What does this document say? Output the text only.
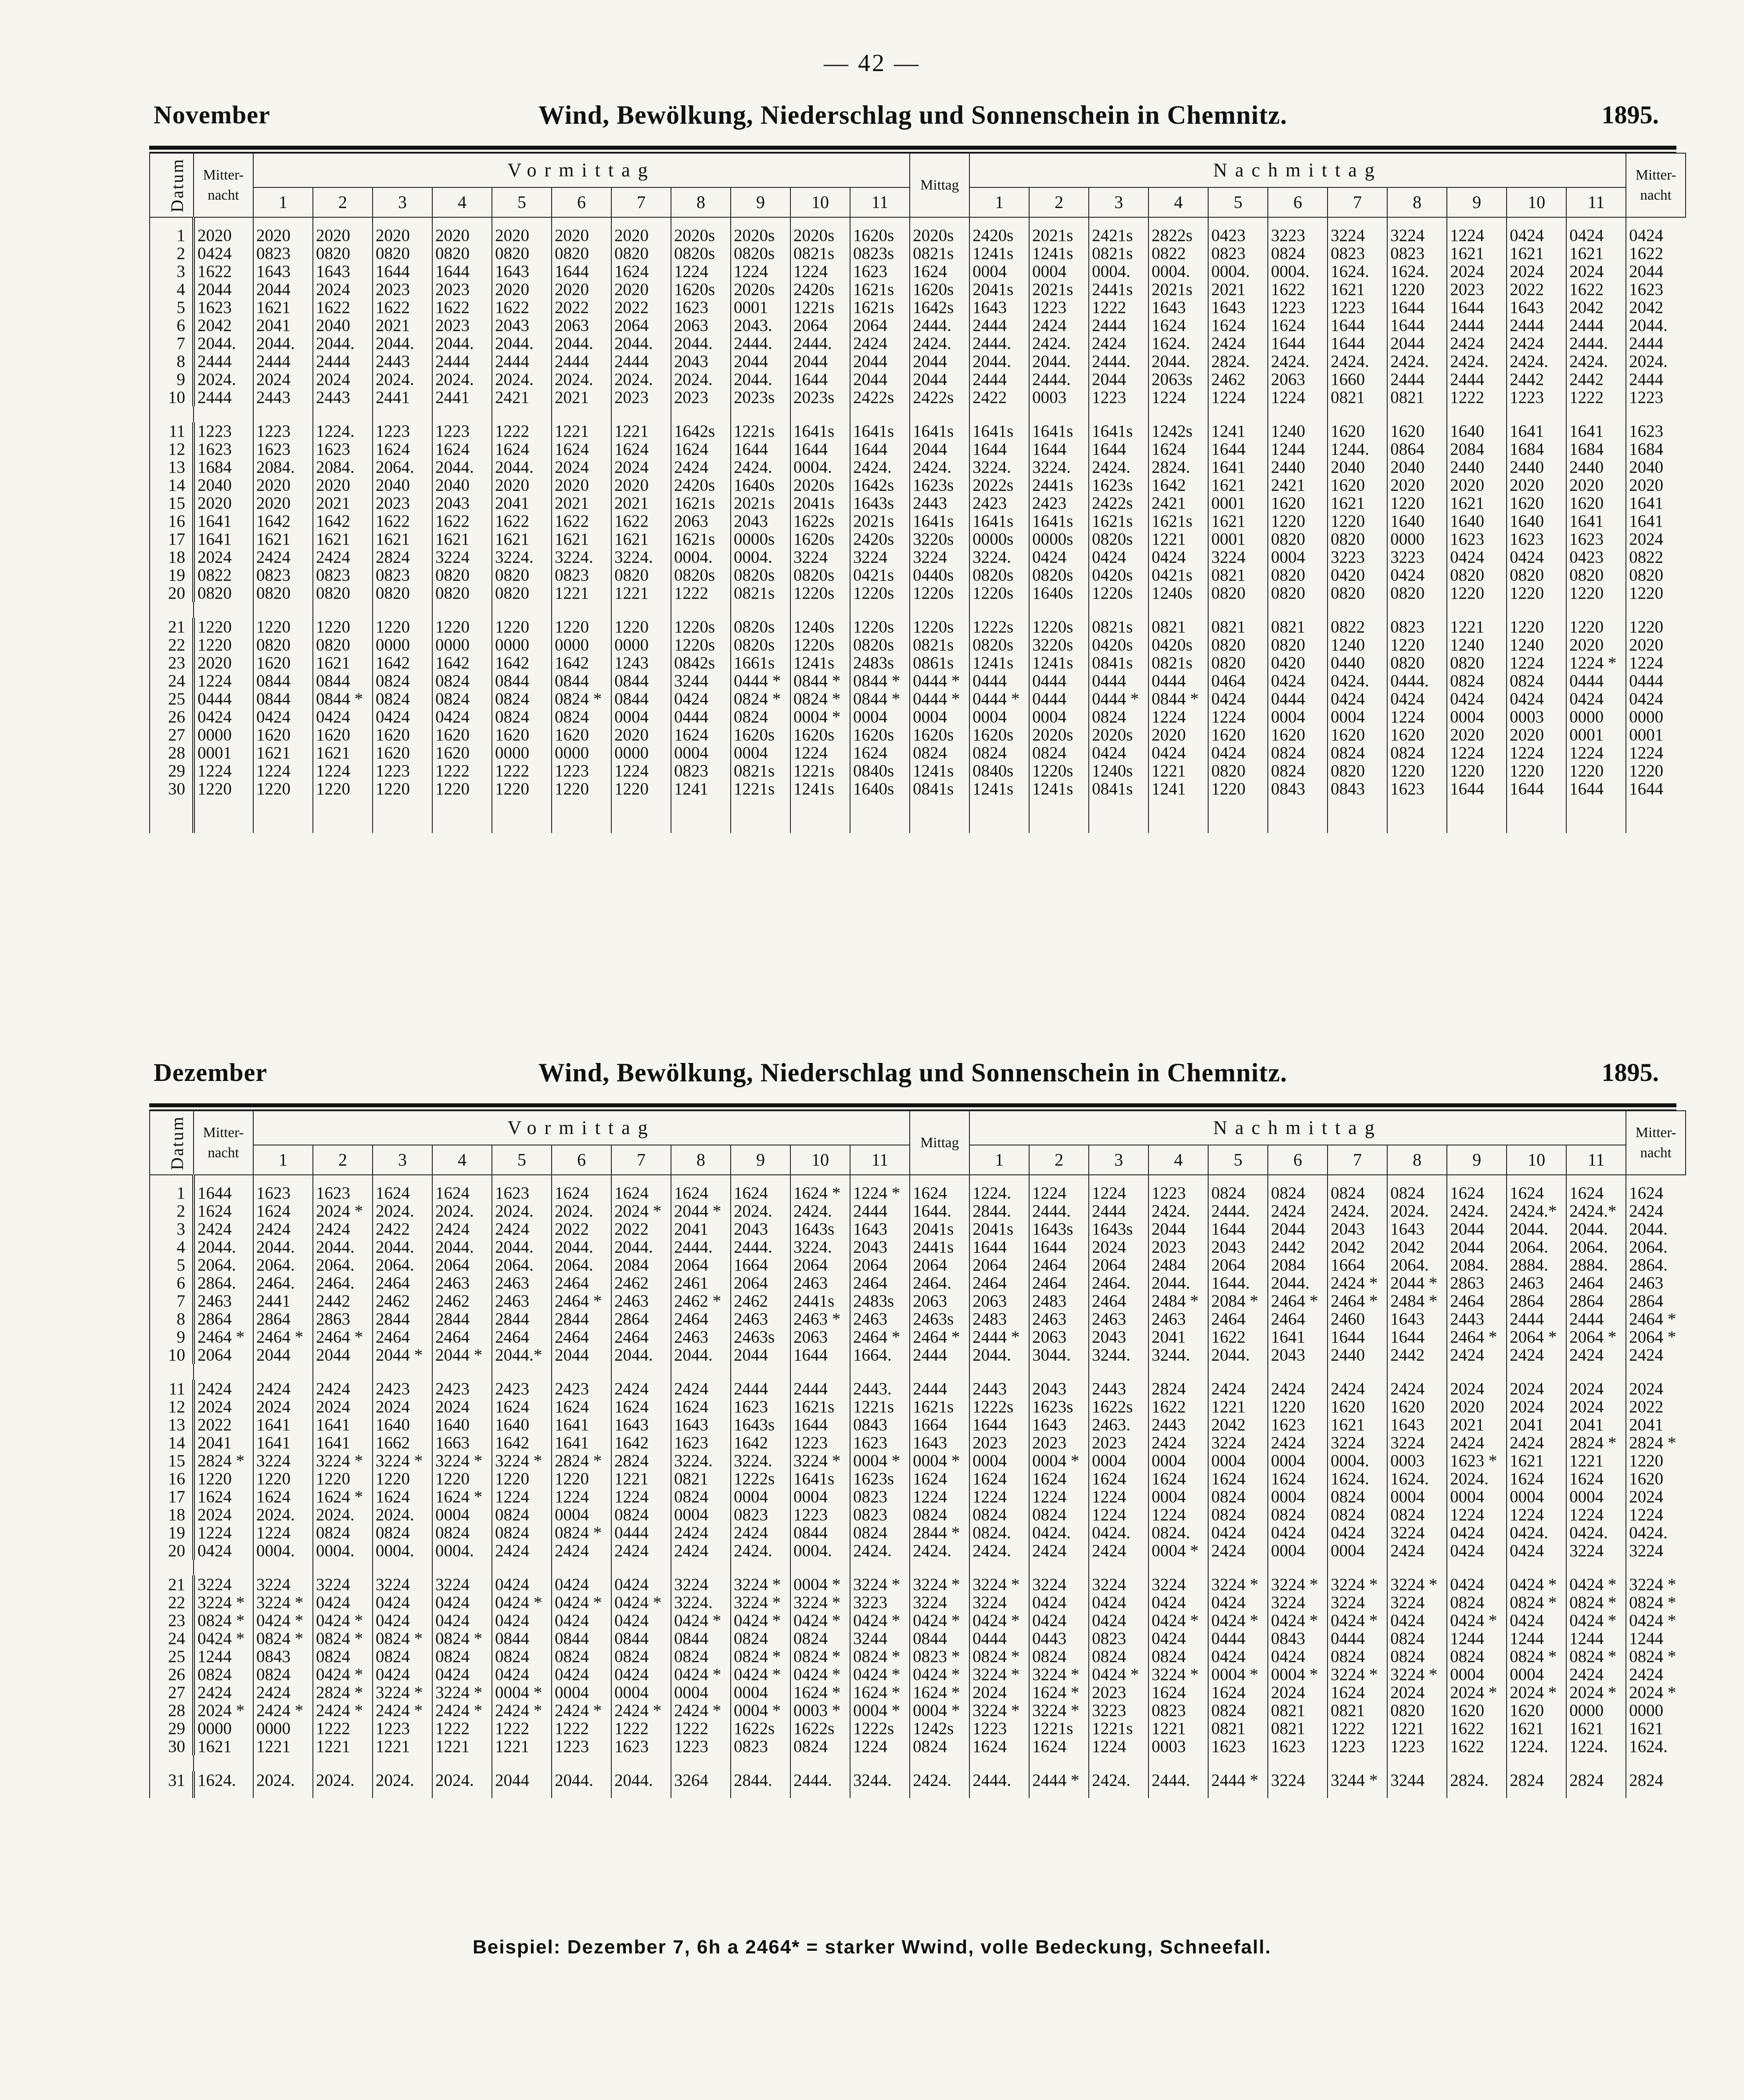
— 42 —
November	Wind, Bewölkung, Niederschlag und Sonnenschein in Chemnitz.	1895.
Datum	Mitter- nacht	Vormittag											Mittag	Nachmittag											Mitter- nacht
		1	2	3	4	5	6	7	8	9	10	11		1	2	3	4	5	6	7	8	9	10	11	
1	2020	2020	2020	2020	2020	2020	2020	2020	2020s	2020s	2020s	1620s	2020s	2420s	2021s	2421s	2822s	0423	3223	3224	3224	1224	0424	0424	0424
2	0424	0823	0820	0820	0820	0820	0820	0820	0820s	0820s	0821s	0823s	0821s	1241s	1241s	0821s	0822	0823	0824	0823	0823	1621	1621	1621	1622
3	1622	1643	1643	1644	1644	1643	1644	1624	1224	1224	1224	1623	1624	0004	0004	0004.	0004.	0004.	0004.	1624.	1624.	2024	2024	2024	2044
4	2044	2044	2024	2023	2023	2020	2020	2020	1620s	2020s	2420s	1621s	1620s	2041s	2021s	2441s	2021s	2021	1622	1621	1220	2023	2022	1622	1623
5	1623	1621	1622	1622	1622	1622	2022	2022	1623	0001	1221s	1621s	1642s	1643	1223	1222	1643	1643	1223	1223	1644	1644	1643	2042	2042
6	2042	2041	2040	2021	2023	2043	2063	2064	2063	2043.	2064	2064	2444.	2444	2424	2444	1624	1624	1624	1644	1644	2444	2444	2444	2044.
7	2044.	2044.	2044.	2044.	2044.	2044.	2044.	2044.	2044.	2444.	2444.	2424	2424.	2444.	2424.	2424	1624.	2424	1644	1644	2044	2424	2424	2444.	2444
8	2444	2444	2444	2443	2444	2444	2444	2444	2043	2044	2044	2044	2044	2044.	2044.	2444.	2044.	2824.	2424.	2424.	2424.	2424.	2424.	2424.	2024.
9	2024.	2024	2024	2024.	2024.	2024.	2024.	2024.	2024.	2044.	1644	2044	2044	2444	2444.	2044	2063s	2462	2063	1660	2444	2444	2442	2442	2444
10	2444	2443	2443	2441	2441	2421	2021	2023	2023	2023s	2023s	2422s	2422s	2422	0003	1223	1224	1224	1224	0821	0821	1222	1223	1222	1223

11	1223	1223	1224.	1223	1223	1222	1221	1221	1642s	1221s	1641s	1641s	1641s	1641s	1641s	1641s	1242s	1241	1240	1620	1620	1640	1641	1641	1623
12	1623	1623	1623	1624	1624	1624	1624	1624	1624	1644	1644	1644	2044	1644	1644	1644	1624	1644	1244	1244.	0864	2084	1684	1684	1684
13	1684	2084.	2084.	2064.	2044.	2044.	2024	2024	2424	2424.	0004.	2424.	2424.	3224.	3224.	2424.	2824.	1641	2440	2040	2040	2440	2440	2440	2040
14	2040	2020	2020	2040	2040	2020	2020	2020	2420s	1640s	2020s	1642s	1623s	2022s	2441s	1623s	1642	1621	2421	1620	2020	2020	2020	2020	2020
15	2020	2020	2021	2023	2043	2041	2021	2021	1621s	2021s	2041s	1643s	2443	2423	2423	2422s	2421	0001	1620	1621	1220	1621	1620	1620	1641
16	1641	1642	1642	1622	1622	1622	1622	1622	2063	2043	1622s	2021s	1641s	1641s	1641s	1621s	1621s	1621	1220	1220	1640	1640	1640	1641	1641
17	1641	1621	1621	1621	1621	1621	1621	1621	1621s	0000s	1620s	2420s	3220s	0000s	0000s	0820s	1221	0001	0820	0820	0000	1623	1623	1623	2024
18	2024	2424	2424	2824	3224	3224.	3224.	3224.	0004.	0004.	3224	3224	3224	3224.	0424	0424	0424	3224	0004	3223	3223	0424	0424	0423	0822
19	0822	0823	0823	0823	0820	0820	0823	0820	0820s	0820s	0820s	0421s	0440s	0820s	0820s	0420s	0421s	0821	0820	0420	0424	0820	0820	0820	0820
20	0820	0820	0820	0820	0820	0820	1221	1221	1222	0821s	1220s	1220s	1220s	1220s	1640s	1220s	1240s	0820	0820	0820	0820	1220	1220	1220	1220

21	1220	1220	1220	1220	1220	1220	1220	1220	1220s	0820s	1240s	1220s	1220s	1222s	1220s	0821s	0821	0821	0821	0822	0823	1221	1220	1220	1220
22	1220	0820	0820	0000	0000	0000	0000	0000	1220s	0820s	1220s	0820s	0821s	0820s	3220s	0420s	0420s	0820	0820	1240	1220	1240	1240	2020	2020
23	2020	1620	1621	1642	1642	1642	1642	1243	0842s	1661s	1241s	2483s	0861s	1241s	1241s	0841s	0821s	0820	0420	0440	0820	0820	1224	1224 *	1224
24	1224	0844	0844	0824	0824	0844	0844	0844	3244	0444 *	0844 *	0844 *	0444 *	0444	0444	0444	0444	0464	0424	0424.	0444.	0824	0824	0444	0444
25	0444	0844	0844 *	0824	0824	0824	0824 *	0844	0424	0824 *	0824 *	0844 *	0444 *	0444 *	0444	0444 *	0844 *	0424	0444	0424	0424	0424	0424	0424	0424
26	0424	0424	0424	0424	0424	0824	0824	0004	0444	0824	0004 *	0004	0004	0004	0004	0824	1224	1224	0004	0004	1224	0004	0003	0000	0000
27	0000	1620	1620	1620	1620	1620	1620	2020	1624	1620s	1620s	1620s	1620s	1620s	2020s	2020s	2020	1620	1620	1620	1620	2020	2020	0001	0001
28	0001	1621	1621	1620	1620	0000	0000	0000	0004	0004	1224	1624	0824	0824	0824	0424	0424	0424	0824	0824	0824	1224	1224	1224	1224
29	1224	1224	1224	1223	1222	1222	1223	1224	0823	0821s	1221s	0840s	1241s	0840s	1220s	1240s	1221	0820	0824	0820	1220	1220	1220	1220	1220
30	1220	1220	1220	1220	1220	1220	1220	1220	1241	1221s	1241s	1640s	0841s	1241s	1241s	0841s	1241	1220	0843	0843	1623	1644	1644	1644	1644

Dezember	Wind, Bewölkung, Niederschlag und Sonnenschein in Chemnitz.	1895.
Datum	Mitter- nacht	Vormittag											Mittag	Nachmittag											Mitter- nacht
		1	2	3	4	5	6	7	8	9	10	11		1	2	3	4	5	6	7	8	9	10	11	
1	1644	1623	1623	1624	1624	1623	1624	1624	1624	1624	1624 *	1224 *	1624	1224.	1224	1224	1223	0824	0824	0824	0824	1624	1624	1624	1624
2	1624	1624	2024 *	2024.	2024.	2024.	2024.	2024 *	2044 *	2024.	2424.	2444	1644.	2844.	2444.	2444	2424.	2444.	2424	2424.	2024.	2424.	2424.*	2424.*	2424
3	2424	2424	2424	2422	2424	2424	2022	2022	2041	2043	1643s	1643	2041s	2041s	1643s	1643s	2044	1644	2044	2043	1643	2044	2044.	2044.	2044.
4	2044.	2044.	2044.	2044.	2044.	2044.	2044.	2044.	2444.	2444.	3224.	2043	2441s	1644	1644	2024	2023	2043	2442	2042	2042	2044	2064.	2064.	2064.
5	2064.	2064.	2064.	2064.	2064	2064.	2064.	2084	2064	1664	2064	2064	2064	2064	2464	2064	2484	2064	2084	1664	2064.	2084.	2884.	2884.	2864.
6	2864.	2464.	2464.	2464	2463	2463	2464	2462	2461	2064	2463	2464	2464.	2464	2464	2464.	2044.	1644.	2044.	2424 *	2044 *	2863	2463	2464	2463
7	2463	2441	2442	2462	2462	2463	2464 *	2463	2462 *	2462	2441s	2483s	2063	2063	2483	2464	2484 *	2084 *	2464 *	2464 *	2484 *	2464	2864	2864	2864
8	2864	2864	2863	2844	2844	2844	2844	2864	2464	2463	2463 *	2463	2463s	2483	2463	2463	2463	2464	2464	2460	1643	2443	2444	2444	2464 *
9	2464 *	2464 *	2464 *	2464	2464	2464	2464	2464	2463	2463s	2063	2464 *	2464 *	2444 *	2063	2043	2041	1622	1641	1644	1644	2464 *	2064 *	2064 *	2064 *
10	2064	2044	2044	2044 *	2044 *	2044.*	2044	2044.	2044.	2044	1644	1664.	2444	2044.	3044.	3244.	3244.	2044.	2043	2440	2442	2424	2424	2424	2424

11	2424	2424	2424	2423	2423	2423	2423	2424	2424	2444	2444	2443.	2444	2443	2043	2443	2824	2424	2424	2424	2424	2024	2024	2024	2024
12	2024	2024	2024	2024	2024	1624	1624	1624	1624	1623	1621s	1221s	1621s	1222s	1623s	1622s	1622	1221	1220	1620	1620	2020	2024	2024	2022
13	2022	1641	1641	1640	1640	1640	1641	1643	1643	1643s	1644	0843	1664	1644	1643	2463.	2443	2042	1623	1621	1643	2021	2041	2041	2041
14	2041	1641	1641	1662	1663	1642	1641	1642	1623	1642	1223	1623	1643	2023	2023	2023	2424	3224	2424	3224	3224	2424	2424	2824 *	2824 *
15	2824 *	3224	3224 *	3224 *	3224 *	3224 *	2824 *	2824	3224.	3224.	3224 *	0004 *	0004 *	0004	0004 *	0004	0004	0004	0004	0004.	0003	1623 *	1621	1221	1220
16	1220	1220	1220	1220	1220	1220	1220	1221	0821	1222s	1641s	1623s	1624	1624	1624	1624	1624	1624	1624	1624.	1624.	2024.	1624	1624	1620
17	1624	1624	1624 *	1624	1624 *	1224	1224	1224	0824	0004	0004	0823	1224	1224	1224	1224	0004	0824	0004	0824	0004	0004	0004	0004	2024
18	2024	2024.	2024.	2024.	0004	0824	0004	0824	0004	0823	1223	0823	0824	0824	0824	1224	1224	0824	0824	0824	0824	1224	1224	1224	1224
19	1224	1224	0824	0824	0824	0824	0824 *	0444	2424	2424	0844	0824	2844 *	0824.	0424.	0424.	0824.	0424	0424	0424	3224	0424	0424.	0424.	0424.
20	0424	0004.	0004.	0004.	0004.	2424	2424	2424	2424	2424.	0004.	2424.	2424.	2424.	2424	2424	0004 *	2424	0004	0004	2424	0424	0424	3224	3224

21	3224	3224	3224	3224	3224	0424	0424	0424	3224	3224 *	0004 *	3224 *	3224 *	3224 *	3224	3224	3224	3224 *	3224 *	3224 *	3224 *	0424	0424 *	0424 *	3224 *
22	3224 *	3224 *	0424	0424	0424	0424 *	0424 *	0424 *	3224.	3224 *	3224 *	3223	3224	3224	0424	0424	0424	0424	3224	3224	3224	0824	0824 *	0824 *	0824 *
23	0824 *	0424 *	0424 *	0424	0424	0424	0424	0424	0424 *	0424 *	0424 *	0424 *	0424 *	0424 *	0424	0424	0424 *	0424 *	0424 *	0424 *	0424	0424 *	0424	0424 *	0424 *
24	0424 *	0824 *	0824 *	0824 *	0824 *	0844	0844	0844	0844	0824	0824	3244	0844	0444	0443	0823	0424	0444	0843	0444	0824	1244	1244	1244	1244
25	1244	0843	0824	0824	0824	0824	0824	0824	0824	0824 *	0824 *	0824 *	0823 *	0824 *	0824	0824	0824	0424	0424	0824	0824	0824	0824 *	0824 *	0824 *
26	0824	0824	0424 *	0424	0424	0424	0424	0424	0424 *	0424 *	0424 *	0424 *	0424 *	3224 *	3224 *	0424 *	3224 *	0004 *	0004 *	3224 *	3224 *	0004	0004	2424	2424
27	2424	2424	2824 *	3224 *	3224 *	0004 *	0004	0004	0004	0004	1624 *	1624 *	1624 *	2024	1624 *	2023	1624	1624	2024	1624	2024	2024 *	2024 *	2024 *	2024 *
28	2024 *	2424 *	2424 *	2424 *	2424 *	2424 *	2424 *	2424 *	2424 *	0004 *	0003 *	0004 *	0004 *	3224 *	3224 *	3223	0823	0824	0821	0821	0820	1620	1620	0000	0000
29	0000	0000	1222	1223	1222	1222	1222	1222	1222	1622s	1622s	1222s	1242s	1223	1221s	1221s	1221	0821	0821	1222	1221	1622	1621	1621	1621
30	1621	1221	1221	1221	1221	1221	1223	1623	1223	0823	0824	1224	0824	1624	1624	1224	0003	1623	1623	1223	1223	1622	1224.	1224.	1624.

31	1624.	2024.	2024.	2024.	2024.	2044	2044.	2044.	3264	2844.	2444.	3244.	2424.	2444.	2444 *	2424.	2444.	2444 *	3224	3244 *	3244	2824.	2824	2824	2824

Beispiel: Dezember 7, 6h a 2464* = starker Wwind, volle Bedeckung, Schneefall.
